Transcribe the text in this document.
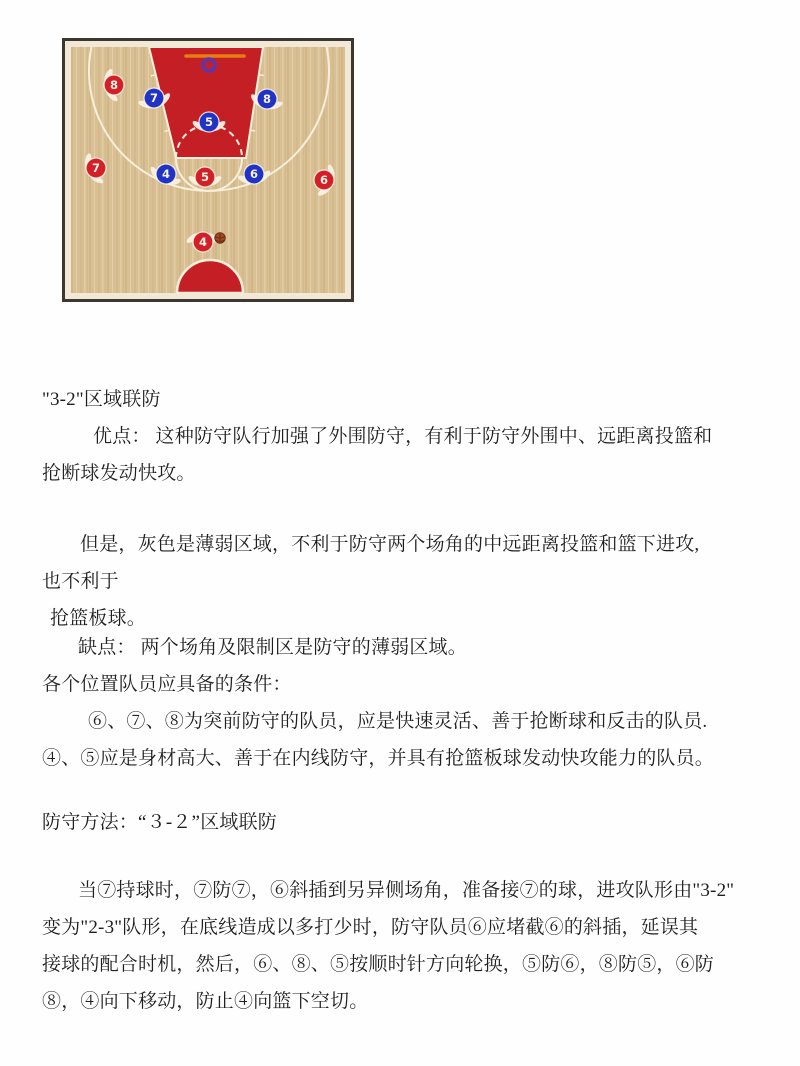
8
7	8
5
7	4	5	6	6
4
"3-2"区域联防
优点： 这种防守队行加强了外围防守，有利于防守外围中、远距离投篮和
抢断球发动快攻。
但是，灰色是薄弱区域，不利于防守两个场角的中远距离投篮和篮下进攻,
也不利于
抢篮板球。
缺点： 两个场角及限制区是防守的薄弱区域。
各个位置队员应具备的条件：
⑥、⑦、⑧为突前防守的队员，应是快速灵活、善于抢断球和反击的队员.
④、⑤应是身材高大、善于在内线防守，并具有抢篮板球发动快攻能力的队员。
防守方法：“３-２”区域联防
当⑦持球时，⑦防⑦，⑥斜插到另异侧场角，准备接⑦的球，进攻队形由"3-2"
变为"2-3"队形，在底线造成以多打少时，防守队员⑥应堵截⑥的斜插，延误其
接球的配合时机，然后，⑥、⑧、⑤按顺时针方向轮换，⑤防⑥，⑧防⑤，⑥防
⑧，④向下移动，防止④向篮下空切。
